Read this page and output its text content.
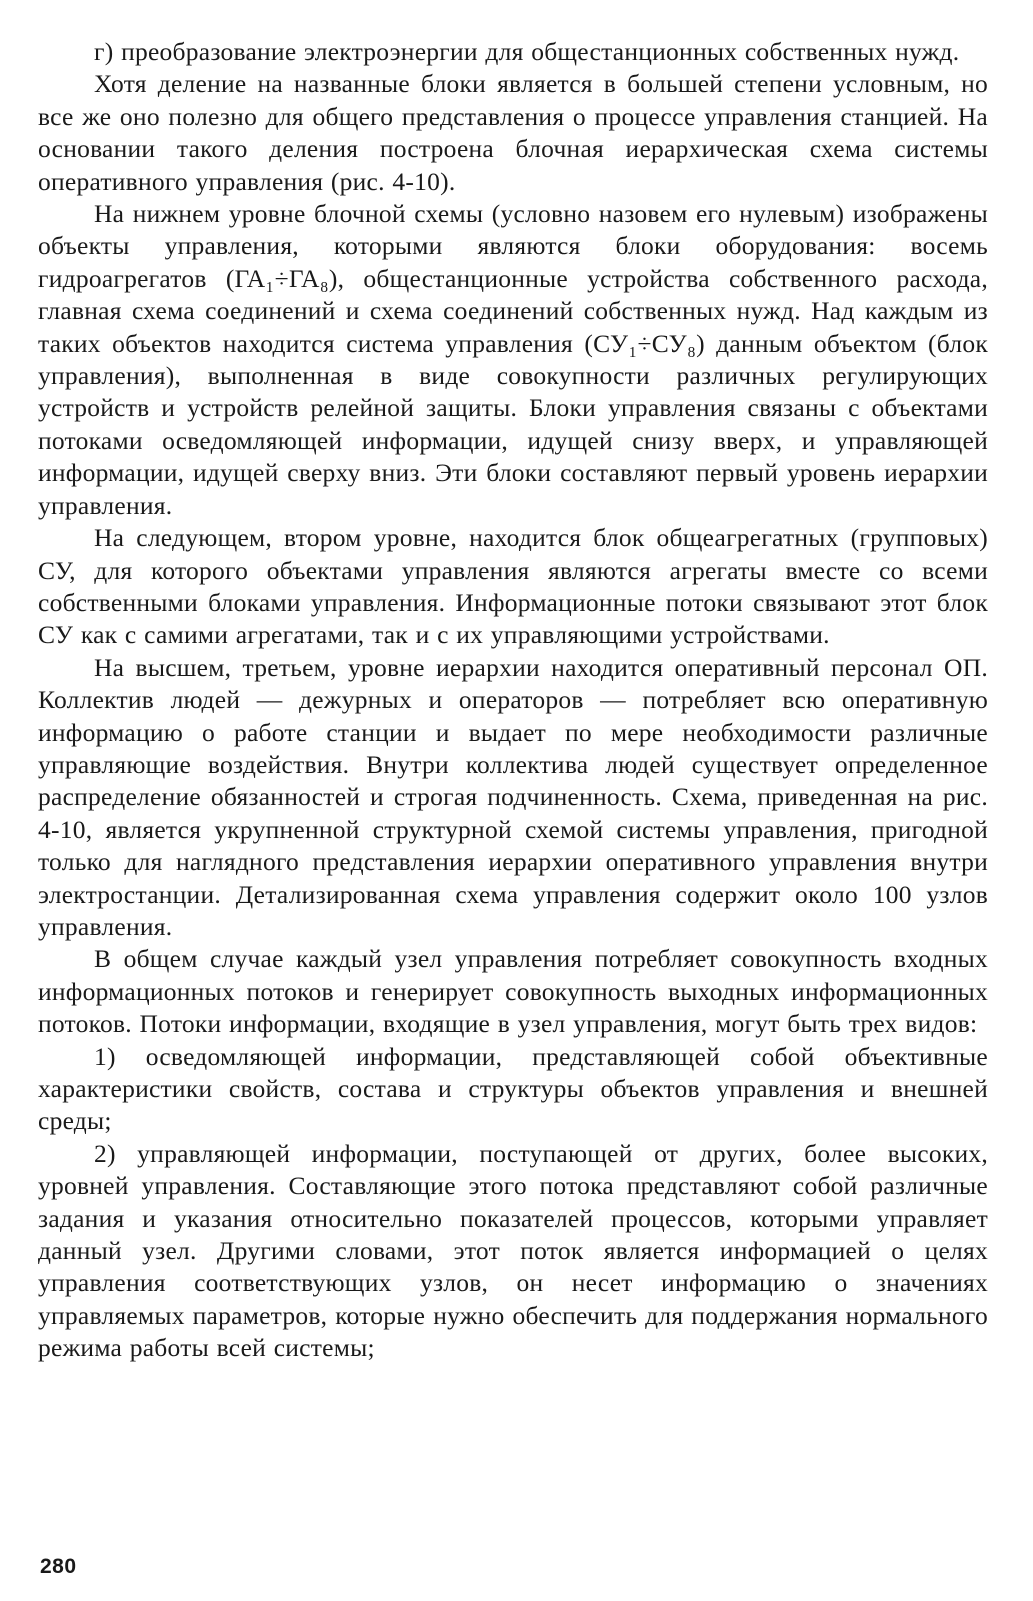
г) преобразование электроэнергии для общестанционных собственных нужд.

Хотя деление на названные блоки является в большей степени условным, но все же оно полезно для общего представления о процессе управления станцией. На основании такого деления построена блочная иерархическая схема системы оперативного управления (рис. 4-10).

На нижнем уровне блочной схемы (условно назовем его нулевым) изображены объекты управления, которыми являются блоки оборудования: восемь гидроагрегатов (ГА₁÷ГА₈), общестанционные устройства собственного расхода, главная схема соединений и схема соединений собственных нужд. Над каждым из таких объектов находится система управления (СУ₁÷СУ₈) данным объектом (блок управления), выполненная в виде совокупности различных регулирующих устройств и устройств релейной защиты. Блоки управления связаны с объектами потоками осведомляющей информации, идущей снизу вверх, и управляющей информации, идущей сверху вниз. Эти блоки составляют первый уровень иерархии управления.

На следующем, втором уровне, находится блок общеагрегатных (групповых) СУ, для которого объектами управления являются агрегаты вместе со всеми собственными блоками управления. Информационные потоки связывают этот блок СУ как с самими агрегатами, так и с их управляющими устройствами.

На высшем, третьем, уровне иерархии находится оперативный персонал ОП. Коллектив людей — дежурных и операторов — потребляет всю оперативную информацию о работе станции и выдает по мере необходимости различные управляющие воздействия. Внутри коллектива людей существует определенное распределение обязанностей и строгая подчиненность. Схема, приведенная на рис. 4-10, является укрупненной структурной схемой системы управления, пригодной только для наглядного представления иерархии оперативного управления внутри электростанции. Детализированная схема управления содержит около 100 узлов управления.

В общем случае каждый узел управления потребляет совокупность входных информационных потоков и генерирует совокупность выходных информационных потоков. Потоки информации, входящие в узел управления, могут быть трех видов:

1) осведомляющей информации, представляющей собой объективные характеристики свойств, состава и структуры объектов управления и внешней среды;

2) управляющей информации, поступающей от других, более высоких, уровней управления. Составляющие этого потока представляют собой различные задания и указания относительно показателей процессов, которыми управляет данный узел. Другими словами, этот поток является информацией о целях управления соответствующих узлов, он несет информацию о значениях управляемых параметров, которые нужно обеспечить для поддержания нормального режима работы всей системы;

280
